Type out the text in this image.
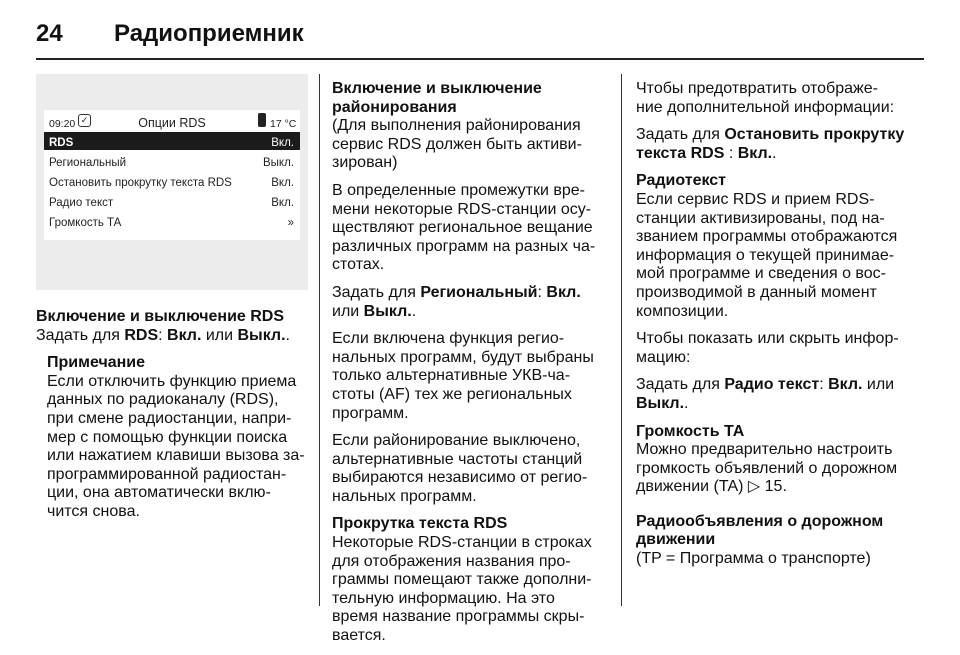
24 Радиоприемник
09:20 ✓	Опции RDS	17 °C
RDS	Вкл.
Региональный	Выкл.
Остановить прокрутку текста RDS	Вкл.
Радио текст	Вкл.
Громкость ТА	»
Включение и выключение RDS

Задать для RDS: Вкл. или Выкл..

Примечание
Если отключить функцию приема
данных по радиоканалу (RDS),
при смене радиостанции, напри-
мер с помощью функции поиска
или нажатием клавиши вызова за-
программированной радиостан-
ции, она автоматически вклю-
чится снова.
Включение и выключение
районирования

(Для выполнения районирования
сервис RDS должен быть активи-
зирован)

В определенные промежутки вре-
мени некоторые RDS-станции осу-
ществляют региональное вещание
различных программ на разных ча-
стотах.

Задать для Региональный: Вкл.
или Выкл..

Если включена функция регио-
нальных программ, будут выбраны
только альтернативные УКВ-ча-
стоты (AF) тех же региональных
программ.

Если районирование выключено,
альтернативные частоты станций
выбираются независимо от регио-
нальных программ.

Прокрутка текста RDS

Некоторые RDS-станции в строках
для отображения названия про-
граммы помещают также дополни-
тельную информацию. На это
время название программы скры-
вается.

Чтобы предотвратить отображе-
ние дополнительной информации:

Задать для Остановить прокрутку
текста RDS : Вкл..

Радиотекст

Если сервис RDS и прием RDS-
станции активизированы, под на-
званием программы отображаются
информация о текущей принимае-
мой программе и сведения о вос-
производимой в данный момент
композиции.

Чтобы показать или скрыть инфор-
мацию:

Задать для Радио текст: Вкл. или
Выкл..

Громкость ТА

Можно предварительно настроить
громкость объявлений о дорожном
движении (TA) ▷ 15.

Радиообъявления о дорожном
движении

(TP = Программа о транспорте)
